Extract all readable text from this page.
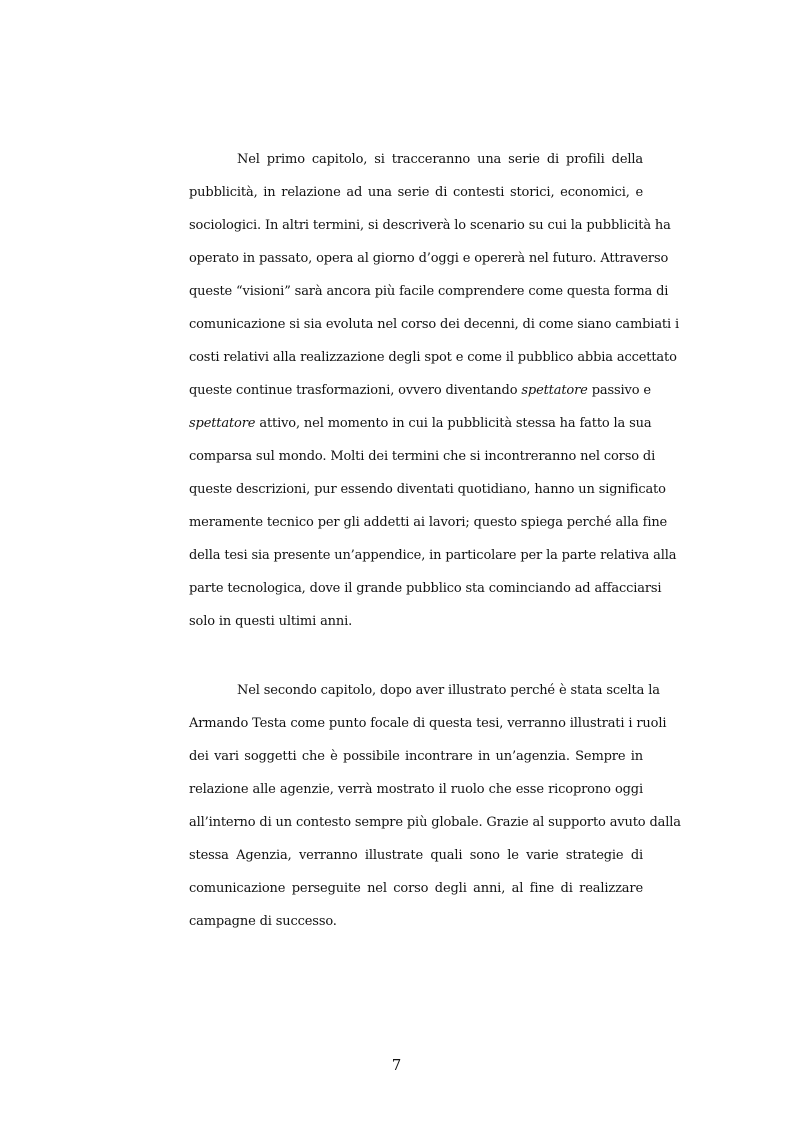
Nel primo capitolo, si tracceranno una serie di profili della
pubblicità, in relazione ad una serie di contesti storici, economici, e
sociologici. In altri termini, si descriverà lo scenario su cui la pubblicità ha
operato in passato, opera al giorno d’oggi e opererà nel futuro. Attraverso
queste “visioni” sarà ancora più facile comprendere come questa forma di
comunicazione si sia evoluta nel corso dei decenni, di come siano cambiati i
costi relativi alla realizzazione degli spot e come il pubblico abbia accettato
queste continue trasformazioni, ovvero diventando spettatore passivo e
spettatore attivo, nel momento in cui la pubblicità stessa ha fatto la sua
comparsa sul mondo. Molti dei termini che si incontreranno nel corso di
queste descrizioni, pur essendo diventati quotidiano, hanno un significato
meramente tecnico per gli addetti ai lavori; questo spiega perché alla fine
della tesi sia presente un’appendice, in particolare per la parte relativa alla
parte tecnologica, dove il grande pubblico sta cominciando ad affacciarsi
solo in questi ultimi anni.
Nel secondo capitolo, dopo aver illustrato perché è stata scelta la
Armando Testa come punto focale di questa tesi, verranno illustrati i ruoli
dei vari soggetti che è possibile incontrare in un’agenzia. Sempre in
relazione alle agenzie, verrà mostrato il ruolo che esse ricoprono oggi
all’interno di un contesto sempre più globale. Grazie al supporto avuto dalla
stessa Agenzia, verranno illustrate quali sono le varie strategie di
comunicazione perseguite nel corso degli anni, al fine di realizzare
campagne di successo.
7
